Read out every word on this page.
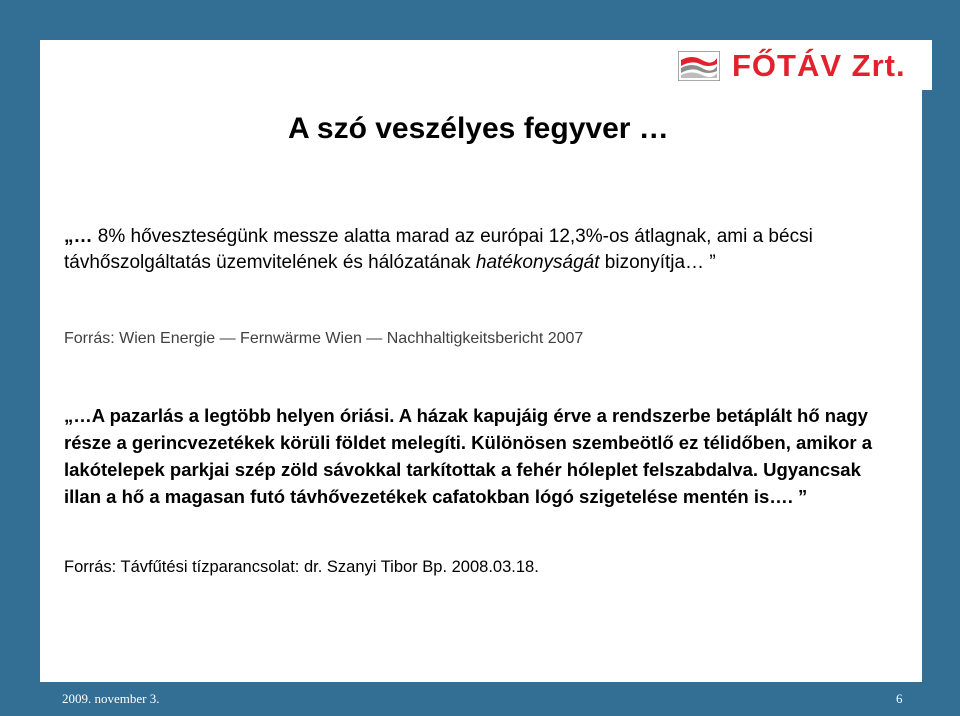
FŐTÁV Zrt.
A szó veszélyes fegyver …
„… 8% hőveszteségünk messze alatta marad az európai 12,3%-os átlagnak, ami a bécsi távhőszolgáltatás üzemvitelének és hálózatának hatékonyságát bizonyítja… ”
Forrás: Wien Energie — Fernwärme Wien — Nachhaltigkeitsbericht 2007
„…A pazarlás a legtöbb helyen óriási. A házak kapujáig érve a rendszerbe betáplált hő nagy része a gerincvezetékek körüli földet melegíti. Különösen szembeötlő ez télidőben, amikor a lakótelepek parkjai szép zöld sávokkal tarkítottak a fehér hóleplet felszabdalva. Ugyancsak illan a hő a magasan futó távhővezetékek cafatokban lógó szigetelése mentén is…. ”
Forrás: Távfűtési tízparancsolat: dr. Szanyi Tibor Bp. 2008.03.18.
2009. november 3.	6
